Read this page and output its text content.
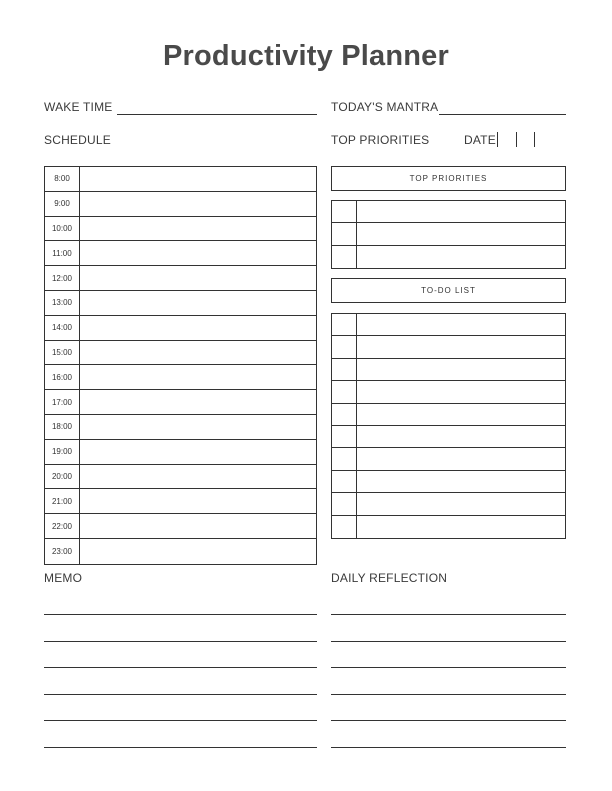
Productivity Planner
WAKE TIME	TODAY'S MANTRA
SCHEDULE	TOP PRIORITIES	DATE
8:00
9:00
10:00
11:00
12:00
13:00
14:00
15:00
16:00
17:00
18:00
19:00
20:00
21:00
22:00
23:00
TOP PRIORITIES
TO-DO LIST
MEMO	DAILY REFLECTION
